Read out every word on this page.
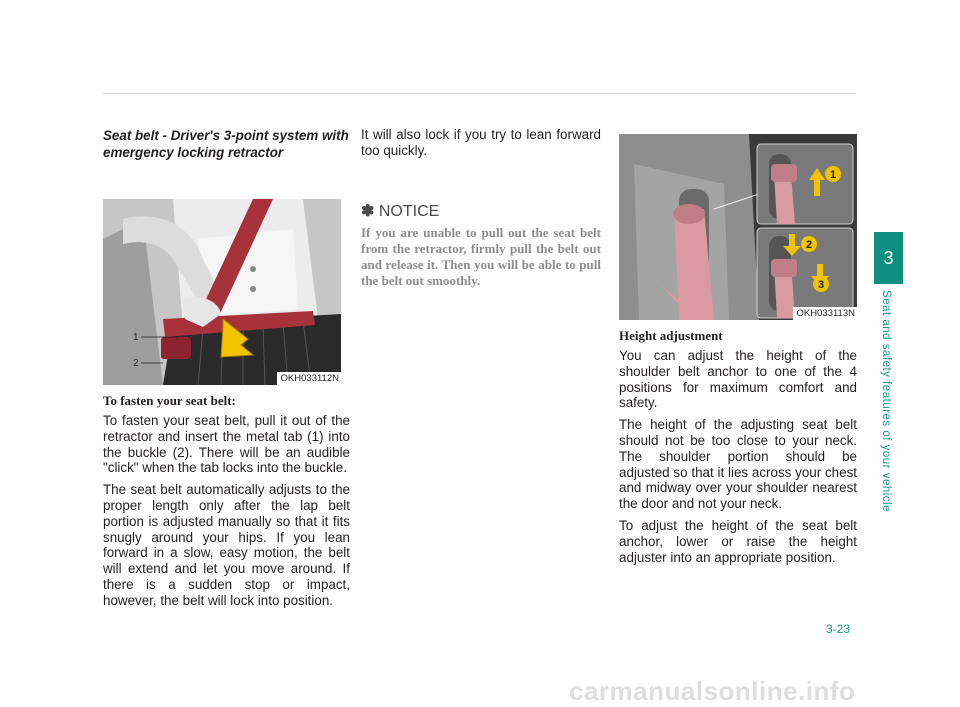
Seat belt - Driver's 3-point system with emergency locking retractor

1
2
OKH033112N
To fasten your seat belt:

To fasten your seat belt, pull it out of the retractor and insert the metal tab (1) into the buckle (2). There will be an audible "click" when the tab locks into the buckle.

The seat belt automatically adjusts to the proper length only after the lap belt portion is adjusted manually so that it fits snugly around your hips. If you lean forward in a slow, easy motion, the belt will extend and let you move around. If there is a sudden stop or impact, however, the belt will lock into position.

It will also lock if you try to lean forward too quickly.

✽ NOTICE

If you are unable to pull out the seat belt from the retractor, firmly pull the belt out and release it. Then you will be able to pull the belt out smoothly.

1
2
3
OKH033113N
Height adjustment

You can adjust the height of the shoulder belt anchor to one of the 4 positions for maximum comfort and safety.

The height of the adjusting seat belt should not be too close to your neck. The shoulder portion should be adjusted so that it lies across your chest and midway over your shoulder nearest the door and not your neck.

To adjust the height of the seat belt anchor, lower or raise the height adjuster into an appropriate position.

3
Seat and safety features of your vehicle
3-23
carmanualsonline.info
